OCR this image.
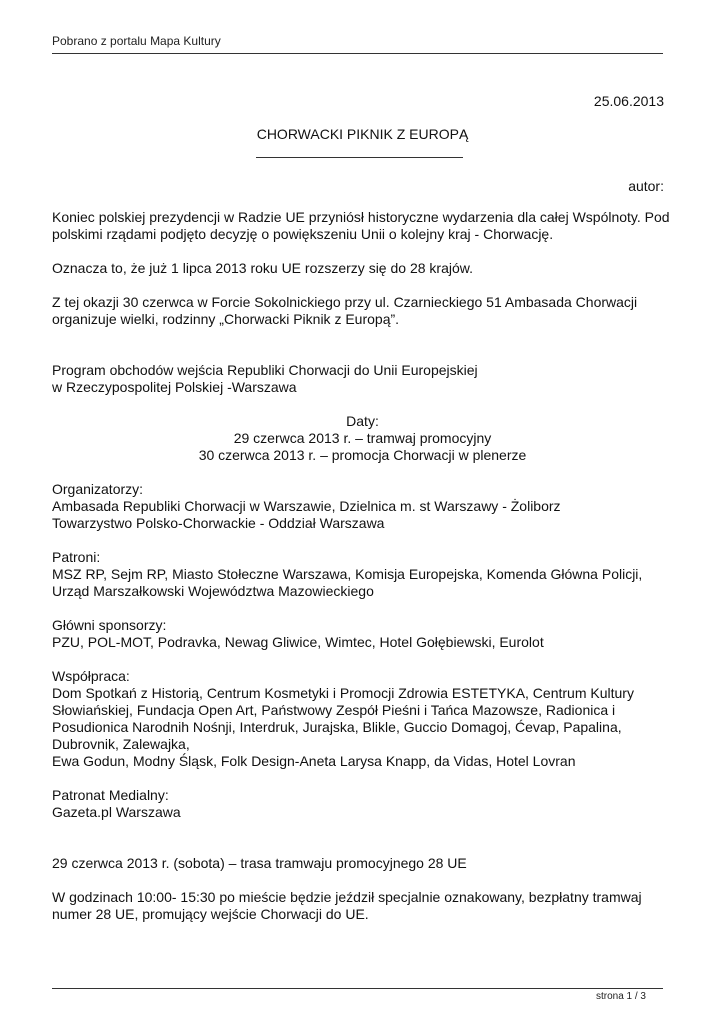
Pobrano z portalu Mapa Kultury
25.06.2013
CHORWACKI PIKNIK Z EUROPĄ
autor:

Koniec polskiej prezydencji w Radzie UE przyniósł historyczne wydarzenia dla całej Wspólnoty. Pod polskimi rządami podjęto decyzję o powiększeniu Unii o kolejny kraj - Chorwację.

Oznacza to, że już 1 lipca 2013 roku UE rozszerzy się do 28 krajów.

Z tej okazji 30 czerwca w Forcie Sokolnickiego przy ul. Czarnieckiego 51 Ambasada Chorwacji organizuje wielki, rodzinny „Chorwacki Piknik z Europą”.

Program obchodów wejścia Republiki Chorwacji do Unii Europejskiej
w Rzeczypospolitej Polskiej -Warszawa

Daty:
29 czerwca 2013 r. – tramwaj promocyjny
30 czerwca 2013 r. – promocja Chorwacji w plenerze

Organizatorzy:
Ambasada Republiki Chorwacji w Warszawie, Dzielnica m. st Warszawy - Żoliborz
Towarzystwo Polsko-Chorwackie - Oddział Warszawa

Patroni:
MSZ RP, Sejm RP, Miasto Stołeczne Warszawa, Komisja Europejska, Komenda Główna Policji, Urząd Marszałkowski Województwa Mazowieckiego

Główni sponsorzy:
PZU, POL-MOT, Podravka, Newag Gliwice, Wimtec, Hotel Gołębiewski, Eurolot

Współpraca:
Dom Spotkań z Historią, Centrum Kosmetyki i Promocji Zdrowia ESTETYKA, Centrum Kultury Słowiańskiej, Fundacja Open Art, Państwowy Zespół Pieśni i Tańca Mazowsze, Radionica i Posudionica Narodnih Nośnji, Interdruk, Jurajska, Blikle, Guccio Domagoj, Ćevap, Papalina, Dubrovnik, Zalewajka,
Ewa Godun, Modny Śląsk, Folk Design-Aneta Larysa Knapp, da Vidas, Hotel Lovran

Patronat Medialny:
Gazeta.pl Warszawa

29 czerwca 2013 r. (sobota) – trasa tramwaju promocyjnego 28 UE

W godzinach 10:00- 15:30 po mieście będzie jeździł specjalnie oznakowany, bezpłatny tramwaj numer 28 UE, promujący wejście Chorwacji do UE.

strona 1 / 3
